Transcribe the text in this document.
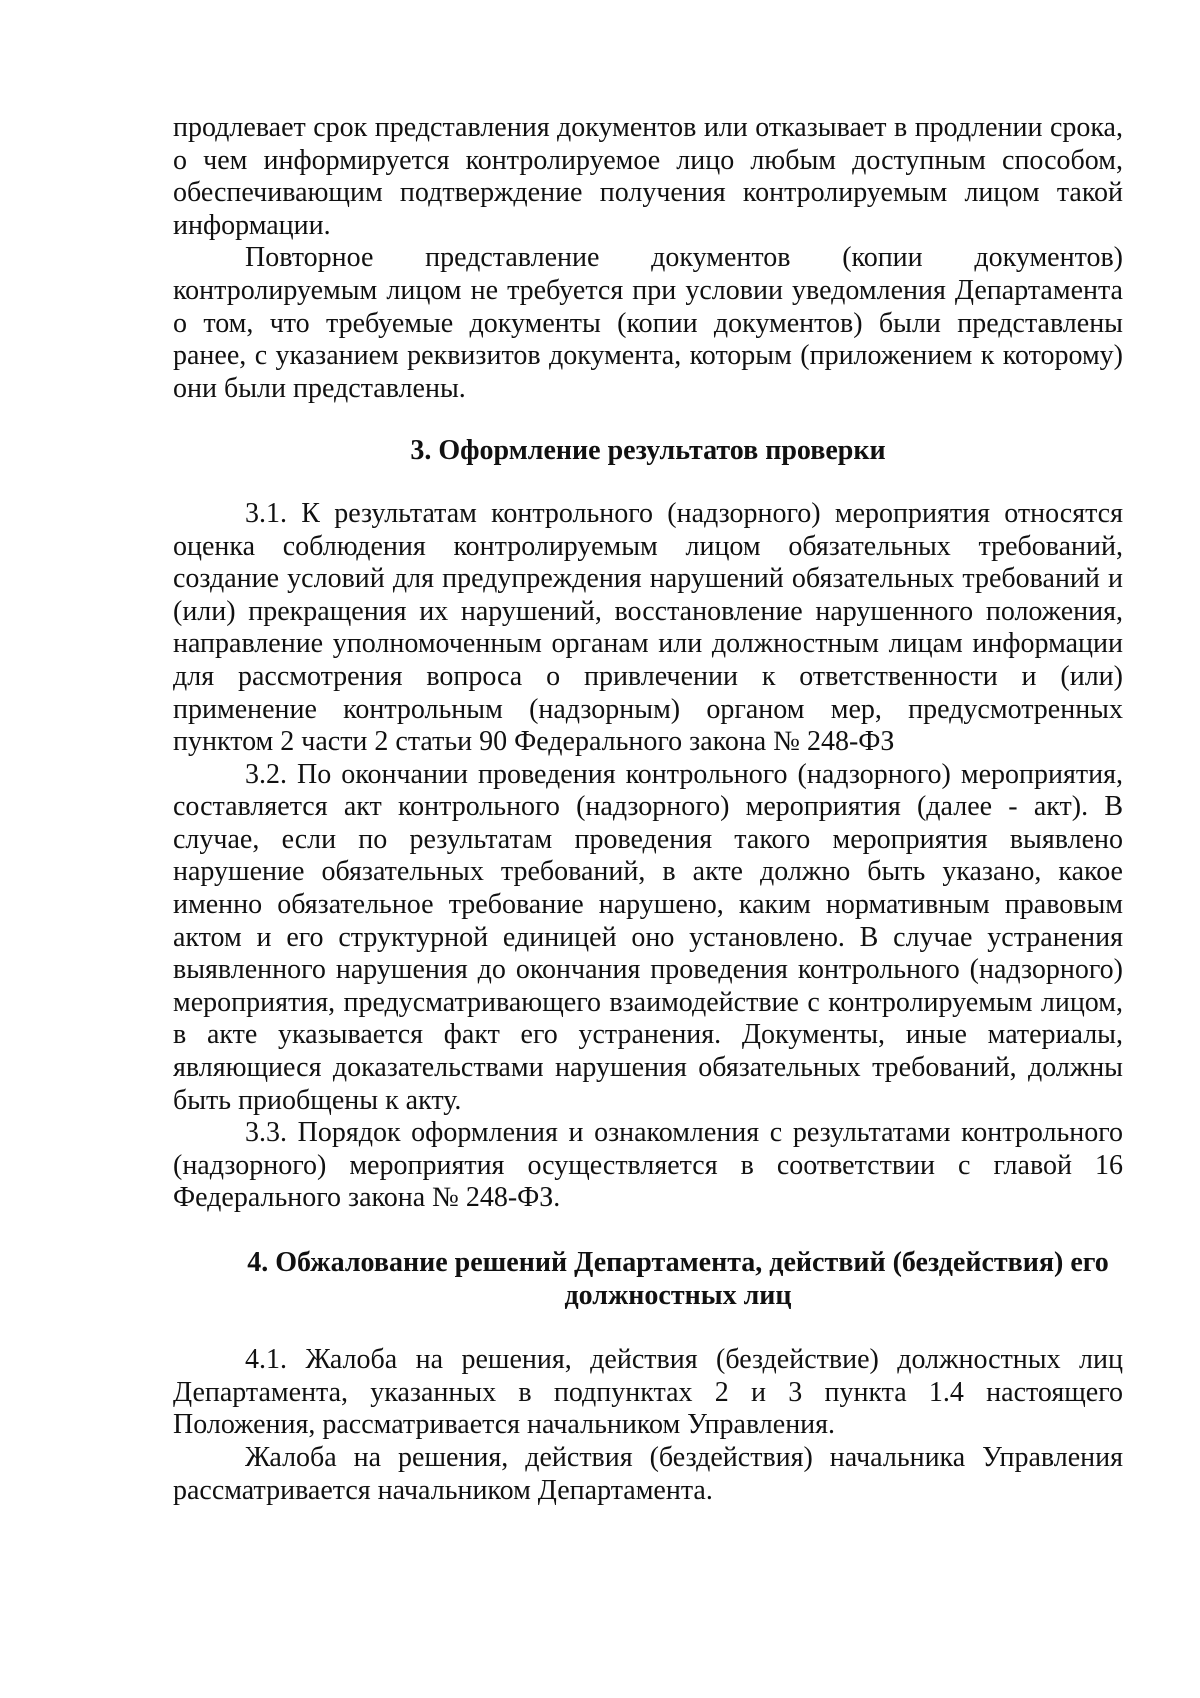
продлевает срок представления документов или отказывает в продлении срока, о чем информируется контролируемое лицо любым доступным способом, обеспечивающим подтверждение получения контролируемым лицом такой информации.

Повторное представление документов (копии документов) контролируемым лицом не требуется при условии уведомления Департамента о том, что требуемые документы (копии документов) были представлены ранее, с указанием реквизитов документа, которым (приложением к которому) они были представлены.

3. Оформление результатов проверки

3.1. К результатам контрольного (надзорного) мероприятия относятся оценка соблюдения контролируемым лицом обязательных требований, создание условий для предупреждения нарушений обязательных требований и (или) прекращения их нарушений, восстановление нарушенного положения, направление уполномоченным органам или должностным лицам информации для рассмотрения вопроса о привлечении к ответственности и (или) применение контрольным (надзорным) органом мер, предусмотренных пунктом 2 части 2 статьи 90 Федерального закона № 248-ФЗ

3.2. По окончании проведения контрольного (надзорного) мероприятия, составляется акт контрольного (надзорного) мероприятия (далее - акт). В случае, если по результатам проведения такого мероприятия выявлено нарушение обязательных требований, в акте должно быть указано, какое именно обязательное требование нарушено, каким нормативным правовым актом и его структурной единицей оно установлено. В случае устранения выявленного нарушения до окончания проведения контрольного (надзорного) мероприятия, предусматривающего взаимодействие с контролируемым лицом, в акте указывается факт его устранения. Документы, иные материалы, являющиеся доказательствами нарушения обязательных требований, должны быть приобщены к акту.

3.3. Порядок оформления и ознакомления с результатами контрольного (надзорного) мероприятия осуществляется в соответствии с главой 16 Федерального закона № 248-ФЗ.

4. Обжалование решений Департамента, действий (бездействия) его должностных лиц

4.1. Жалоба на решения, действия (бездействие) должностных лиц Департамента, указанных в подпунктах 2 и 3 пункта 1.4 настоящего Положения, рассматривается начальником Управления.

Жалоба на решения, действия (бездействия) начальника Управления рассматривается начальником Департамента.
